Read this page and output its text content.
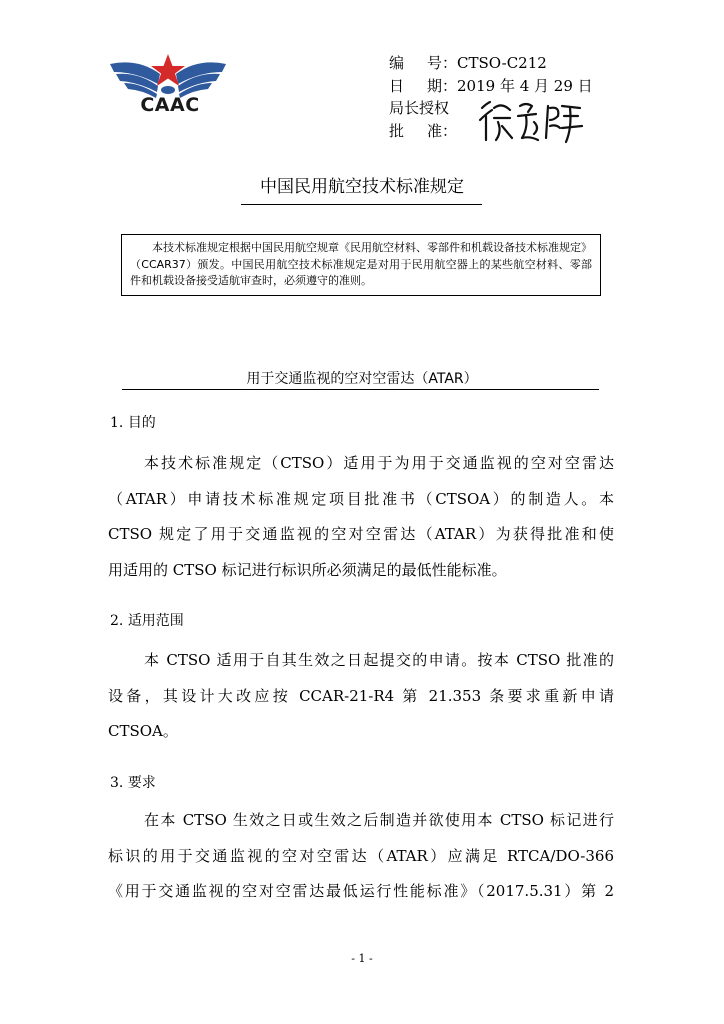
CAAC
编	号： CTSO-C212
日	期： 2019 年 4 月 29 日
局长授权
批	准：
中国民用航空技术标准规定
本技术标准规定根据中国民用航空规章《民用航空材料、零部件和机载设备技术标准规定》（CCAR37）颁发。中国民用航空技术标准规定是对用于民用航空器上的某些航空材料、零部件和机载设备接受适航审查时，必须遵守的准则。
用于交通监视的空对空雷达（ATAR）
1. 目的
本技术标准规定（CTSO）适用于为用于交通监视的空对空雷达
（ATAR）申请技术标准规定项目批准书（CTSOA）的制造人。本
CTSO 规定了用于交通监视的空对空雷达（ATAR）为获得批准和使
用适用的 CTSO 标记进行标识所必须满足的最低性能标准。
2. 适用范围
本 CTSO 适用于自其生效之日起提交的申请。按本 CTSO 批准的
设备，其设计大改应按 CCAR-21-R4 第 21.353 条要求重新申请
CTSOA。
3. 要求
在本 CTSO 生效之日或生效之后制造并欲使用本 CTSO 标记进行
标识的用于交通监视的空对空雷达（ATAR）应满足 RTCA/DO-366
《用于交通监视的空对空雷达最低运行性能标准》（2017.5.31）第 2
- 1 -
